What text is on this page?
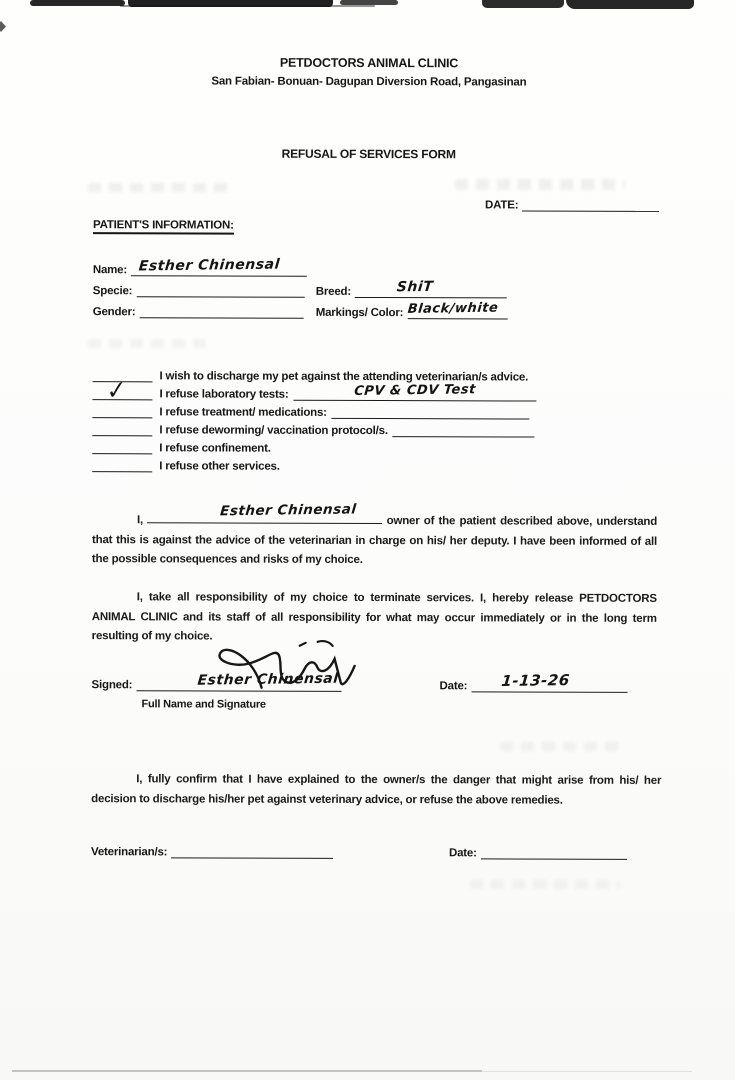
PETDOCTORS ANIMAL CLINIC
San Fabian- Bonuan- Dagupan Diversion Road, Pangasinan
REFUSAL OF SERVICES FORM
DATE:
PATIENT'S INFORMATION:
Name: Esther Chinensal
Specie:	Breed:	ShiT
Gender:	Markings/ Color: Black/white
I wish to discharge my pet against the attending veterinarian/s advice.
✓	I refuse laboratory tests:	CPV & CDV Test
I refuse treatment/ medications:
I refuse deworming/ vaccination protocol/s.
I refuse confinement.
I refuse other services.
I,
Esther Chinensal
owner of the patient described above, understand that this is against the advice of the veterinarian in charge on his/ her deputy. I have been informed of all the possible consequences and risks of my choice.
I, take all responsibility of my choice to terminate services. I, hereby release PETDOCTORS ANIMAL CLINIC and its staff of all responsibility for what may occur immediately or in the long term resulting of my choice.
Esther Chinensal
Signed:
Full Name and Signature
Date: 1-13-26
I, fully confirm that I have explained to the owner/s the danger that might arise from his/ her decision to discharge his/her pet against veterinary advice, or refuse the above remedies.
Veterinarian/s:	Date:
